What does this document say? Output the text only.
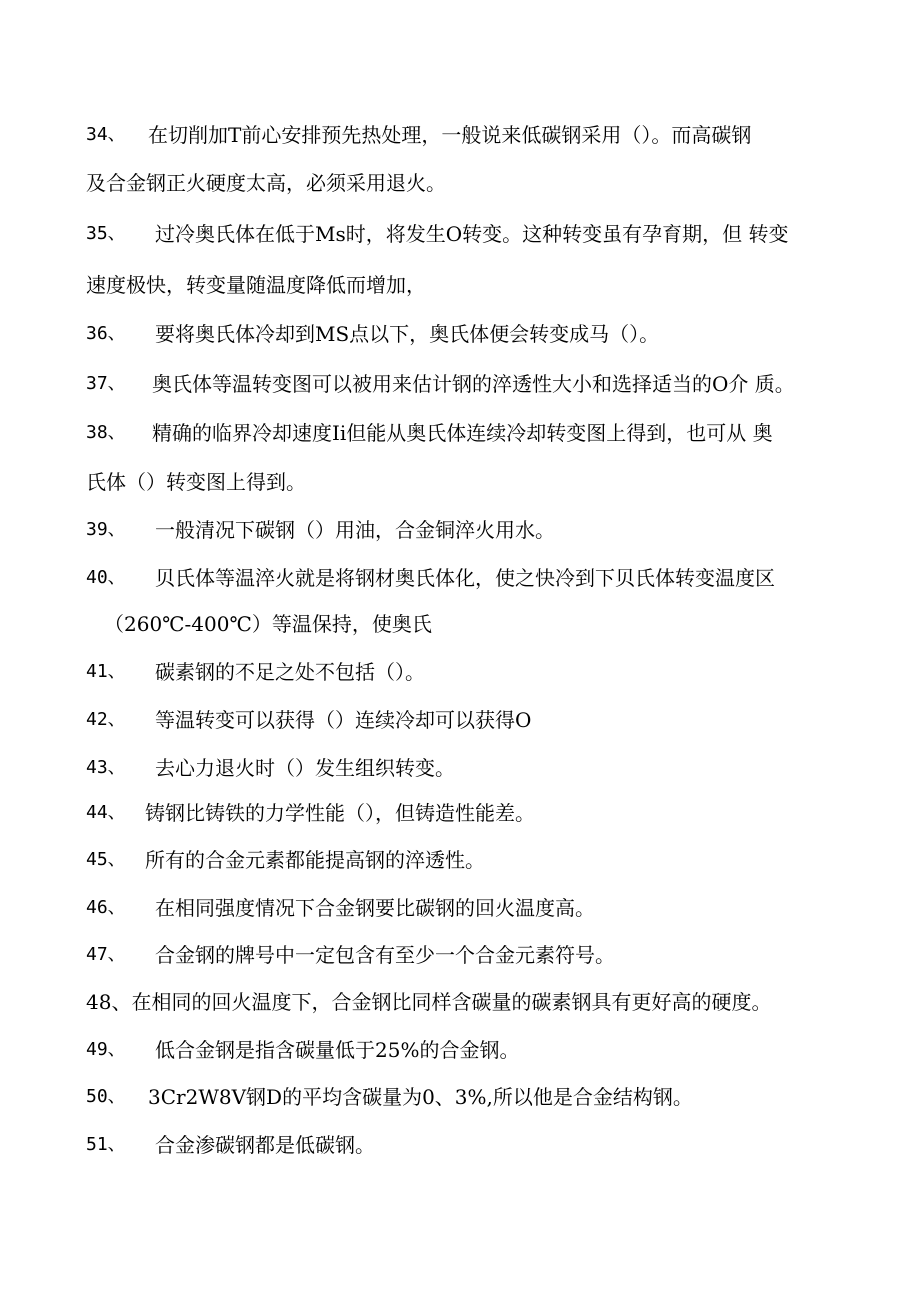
34、 在切削加T前心安排预先热处理，一般说来低碳钢采用（）。而高碳钢
及合金钢正火硬度太高，必须采用退火。
35、 过冷奥氏体在低于Ms时，将发生O转变。这种转变虽有孕育期，但 转变
速度极快，转变量随温度降低而增加，
36、 要将奥氏体冷却到MS点以下，奥氏体便会转变成马（）。
37、 奥氏体等温转变图可以被用来估计钢的淬透性大小和选择适当的O介 质。
38、 精确的临界冷却速度Ii但能从奥氏体连续冷却转变图上得到，也可从 奥
氏体（）转变图上得到。
39、 一般清况下碳钢（）用油，合金铜淬火用水。
40、 贝氏体等温淬火就是将钢材奥氏体化，使之快冷到下贝氏体转变温度区
（260℃-400℃）等温保持，使奥氏
41、 碳素钢的不足之处不包括（）。
42、 等温转变可以获得（）连续冷却可以获得O
43、 去心力退火时（）发生组织转变。
44、 铸钢比铸铁的力学性能（），但铸造性能差。
45、 所有的合金元素都能提高钢的淬透性。
46、 在相同强度情况下合金钢要比碳钢的回火温度高。
47、 合金钢的牌号中一定包含有至少一个合金元素符号。
48、在相同的回火温度下，合金钢比同样含碳量的碳素钢具有更好高的硬度。
49、 低合金钢是指含碳量低于25%的合金钢。
50、 3Cr2W8V钢D的平均含碳量为0、3%,所以他是合金结构钢。
51、 合金渗碳钢都是低碳钢。
